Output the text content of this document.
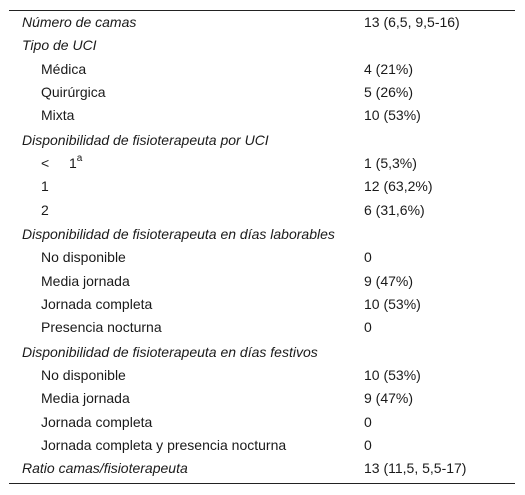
Número de camas	13 (6,5, 9,5-16)
Tipo de UCI
Médica	4 (21%)
Quirúrgica	5 (26%)
Mixta	10 (53%)
Disponibilidad de fisioterapeuta por UCI
< $1^a$	1 (5,3%)
1	12 (63,2%)
2	6 (31,6%)
Disponibilidad de fisioterapeuta en días laborables
No disponible	0
Media jornada	9 (47%)
Jornada completa	10 (53%)
Presencia nocturna	0
Disponibilidad de fisioterapeuta en días festivos
No disponible	10 (53%)
Media jornada	9 (47%)
Jornada completa	0
Jornada completa y presencia nocturna	0
Ratio camas/fisioterapeuta	13 (11,5, 5,5-17)
